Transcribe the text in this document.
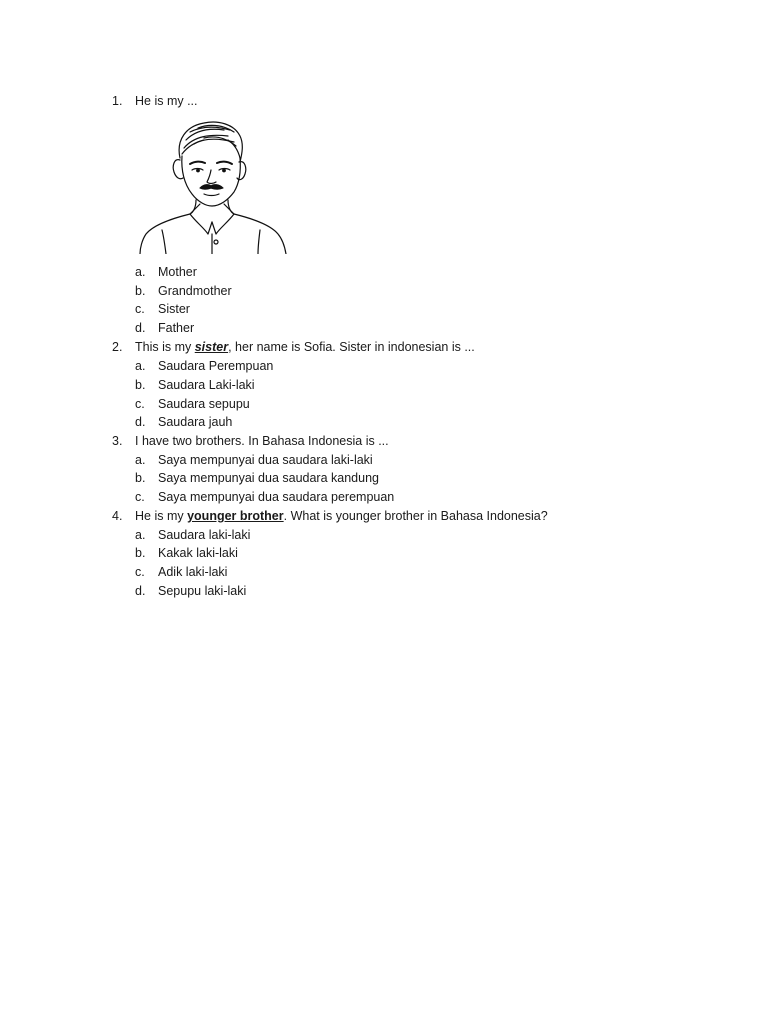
1. He is my ...
a. Mother
b. Grandmother
c. Sister
d. Father
2. This is my sister, her name is Sofia. Sister in indonesian is ...
a. Saudara Perempuan
b. Saudara Laki-laki
c. Saudara sepupu
d. Saudara jauh
3. I have two brothers. In Bahasa Indonesia is ...
a. Saya mempunyai dua saudara laki-laki
b. Saya mempunyai dua saudara kandung
c. Saya mempunyai dua saudara perempuan
4. He is my younger brother. What is younger brother in Bahasa Indonesia?
a. Saudara laki-laki
b. Kakak laki-laki
c. Adik laki-laki
d. Sepupu laki-laki
